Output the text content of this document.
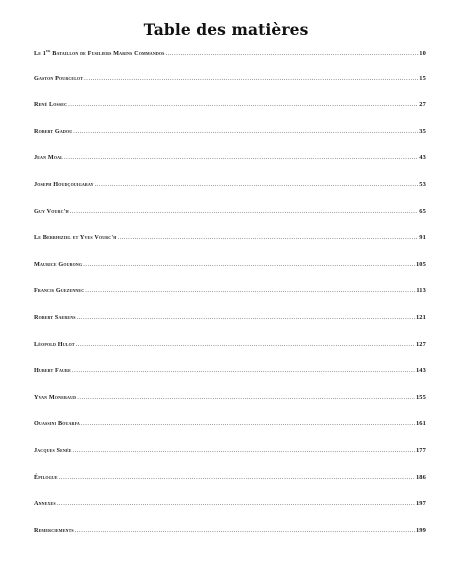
Table des matières
Le 1er Bataillon de Fusiliers Marins Commandos .....	10
Gaston Pourcelot .....	15
René Lossec .....	27
Robert Gadou .....	35
Jean Moal .....	43
Joseph Houdçouigaray .....	53
Guy Vourc'h .....	65
Le Berrhiziel et Yves Vourc'h .....	91
Maurice Gourong .....	105
Francis Guezennec .....	113
Robert Saerens .....	121
Léopold Hulot .....	127
Hubert Faure .....	143
Yvan Moneraud .....	155
Ouassini Bouarfa .....	161
Jacques Senée .....	177
Épilogue .....	186
Annexes .....	197
Remerciements .....	199
